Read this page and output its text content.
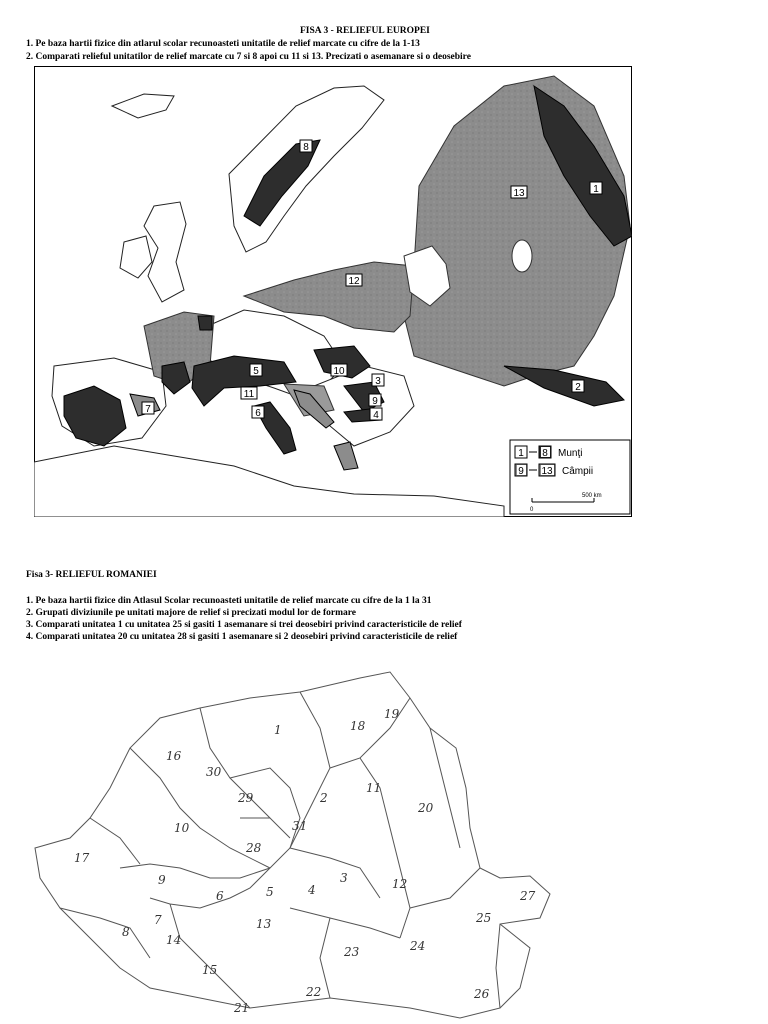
FISA 3 - RELIEFUL EUROPEI
1. Pe baza hartii fizice din atlarul scolar recunoasteti unitatile de relief marcate cu cifre de la 1-13
2. Comparati relieful unitatilor de relief marcate cu 7 si 8 apoi cu 11 si 13. Precizati o asemanare si o deosebire
1
2
3
4
5
6
7
8
9
10
11
12
13
1 8 Munţi
9 13 Câmpii
0
500 km
Fisa 3- RELIEFUL ROMANIEI
1. Pe baza hartii fizice din Atlasul Scolar recunoasteti unitatile de relief marcate cu cifre de la 1 la 31
2. Grupati diviziunile pe unitati majore de relief si precizati modul lor de formare
3. Comparati unitatea 1 cu unitatea 25 si gasiti 1 asemanare si trei deosebiri privind caracteristicile de relief
4. Comparati unitatea 20 cu unitatea 28 si gasiti 1 asemanare si 2 deosebiri privind caracteristicile de relief
1
2
3
4
5
6
7
8
9
10
11
12
13
14
15
16
17
18
19
20
21
22
23	24
25
26
27
28
29
30
31
